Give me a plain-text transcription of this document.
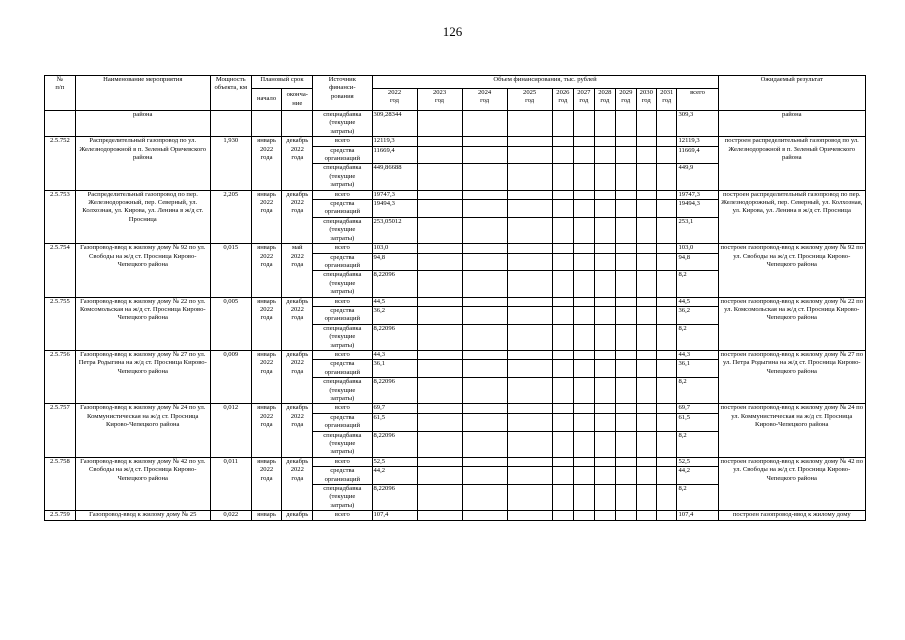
126
№
п/п	Наименование мероприятия	Мощность объекта, км	Плановый срок		Источник
финанси-
рования	Объем финансирования, тыс. рублей											Ожидаемый результат
			начало	оконча-
ние		2022
год	2023
год	2024
год	2025
год	2026
год	2027
год	2028
год	2029
год	2030
год	2031
год	всего	
	района				спецнадбавка
(текущие
затраты)	309,28344										309,3	района
2.5.752	Распределительный газопровод по ул. Железнодорожной в п. Зеленый Оричевского района	1,930	январь
2022
года	декабрь
2022
года	всего	12119,3										12119,3	построен распределительный газопровод по ул. Железнодорожной в п. Зеленый Оричевского района
					средства
организаций	11669,4										11669,4	
					спецнадбавка
(текущие
затраты)	449,86688										449,9	
2.5.753	Распределительный газопровод по пер. Железнодорожный, пер. Северный, ул. Колхозная, ул. Кирова, ул. Ленина в ж/д ст. Просница	2,205	январь
2022
года	декабрь
2022
года	всего	19747,3										19747,3	построен распределительный газопровод по пер. Железнодорожный, пер. Северный, ул. Колхозная, ул. Кирова, ул. Ленина в ж/д ст. Просница
					средства
организаций	19494,3										19494,3	
					спецнадбавка
(текущие
затраты)	253,05012										253,1	
2.5.754	Газопровод-ввод к жилому дому № 92 по ул. Свободы на ж/д ст. Просница Кирово-Чепецкого района	0,015	январь
2022
года	май
2022
года	всего	103,0										103,0	построен газопровод-ввод к жилому дому № 92 по ул. Свободы на ж/д ст. Просница Кирово-Чепецкого района
					средства
организаций	94,8										94,8	
					спецнадбавка
(текущие
затраты)	8,22096										8,2	
2.5.755	Газопровод-ввод к жилому дому № 22 по ул. Комсомольская на ж/д ст. Просница Кирово-Чепецкого района	0,005	январь
2022
года	декабрь
2022
года	всего	44,5										44,5	построен газопровод-ввод к жилому дому № 22 по ул. Комсомольская на ж/д ст. Просница Кирово-Чепецкого района
					средства
организаций	36,2										36,2	
					спецнадбавка
(текущие
затраты)	8,22096										8,2	
2.5.756	Газопровод-ввод к жилому дому № 27 по ул. Петра Родыгина на ж/д ст. Просница Кирово-Чепецкого района	0,009	январь
2022
года	декабрь
2022
года	всего	44,3										44,3	построен газопровод-ввод к жилому дому № 27 по ул. Петра Родыгина на ж/д ст. Просница Кирово-Чепецкого района
					средства
организаций	36,1										36,1	
					спецнадбавка
(текущие
затраты)	8,22096										8,2	
2.5.757	Газопровод-ввод к жилому дому № 24 по ул. Коммунистическая на ж/д ст. Просница Кирово-Чепецкого района	0,012	январь
2022
года	декабрь
2022
года	всего	69,7										69,7	построен газопровод-ввод к жилому дому № 24 по ул. Коммунистическая на ж/д ст. Просница Кирово-Чепецкого района
					средства
организаций	61,5										61,5	
					спецнадбавка
(текущие
затраты)	8,22096										8,2	
2.5.758	Газопровод-ввод к жилому дому № 42 по ул. Свободы на ж/д ст. Просница Кирово-Чепецкого района	0,011	январь
2022
года	декабрь
2022
года	всего	52,5										52,5	построен газопровод-ввод к жилому дому № 42 по ул. Свободы на ж/д ст. Просница Кирово-Чепецкого района
					средства
организаций	44,2										44,2	
					спецнадбавка
(текущие
затраты)	8,22096										8,2	
2.5.759	Газопровод-ввод к жилому дому № 25	0,022	январь	декабрь	всего	107,4										107,4	построен газопровод-ввод к жилому дому
